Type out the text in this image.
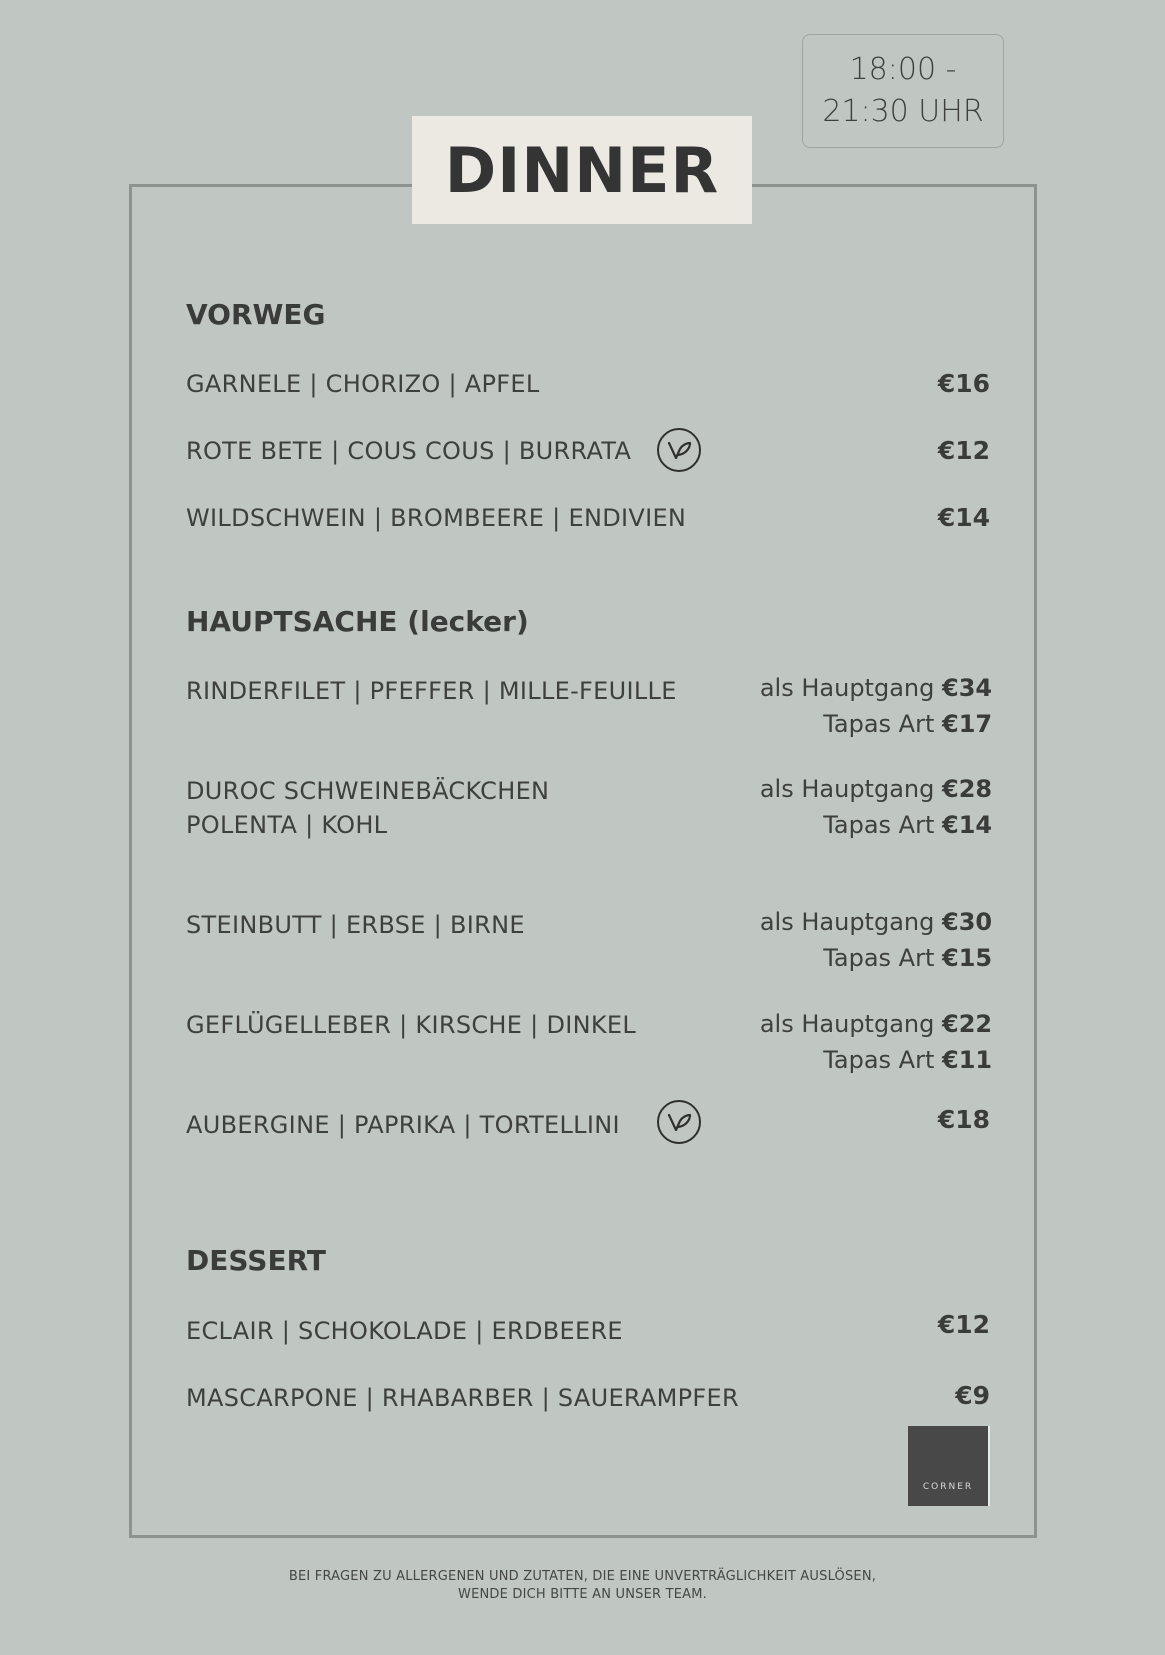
18:00 -
21:30 UHR
DINNER
VORWEG
GARNELE | CHORIZO | APFEL	€16
ROTE BETE | COUS COUS | BURRATA	€12
WILDSCHWEIN | BROMBEERE | ENDIVIEN	€14
HAUPTSACHE (lecker)
RINDERFILET | PFEFFER | MILLE-FEUILLE	als Hauptgang €34
Tapas Art €17
DUROC SCHWEINEBÄCKCHEN
POLENTA | KOHL
als Hauptgang €28
Tapas Art €14
STEINBUTT | ERBSE | BIRNE	als Hauptgang €30
Tapas Art €15
GEFLÜGELLEBER | KIRSCHE | DINKEL	als Hauptgang €22
Tapas Art €11
AUBERGINE | PAPRIKA | TORTELLINI	€18
DESSERT
ECLAIR | SCHOKOLADE | ERDBEERE	€12
MASCARPONE | RHABARBER | SAUERAMPFER	€9
CORNER
BEI FRAGEN ZU ALLERGENEN UND ZUTATEN, DIE EINE UNVERTRÄGLICHKEIT AUSLÖSEN,
WENDE DICH BITTE AN UNSER TEAM.
